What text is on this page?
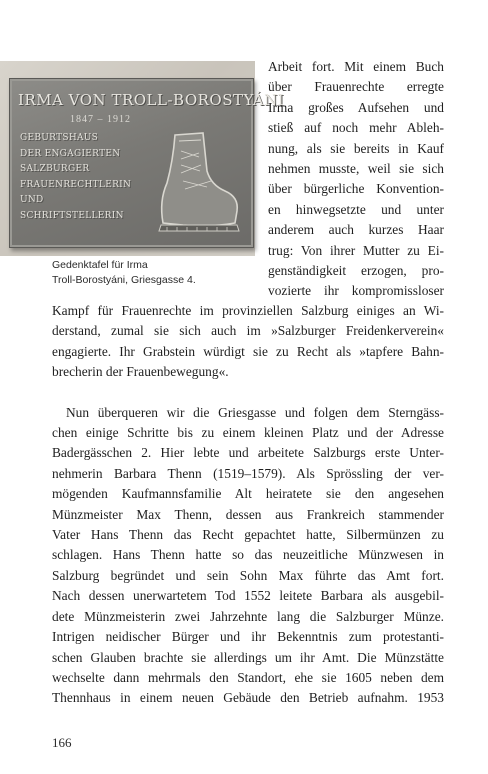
IRMA VON TROLL-BOROSTYÁNI
1847 – 1912
GEBURTSHAUS
DER ENGAGIERTEN
SALZBURGER
FRAUENRECHTLERIN
UND
SCHRIFTSTELLERIN
Gedenktafel für Irma
Troll-Borostyáni, Griesgasse 4.
Arbeit fort. Mit einem Buch
über Frauenrechte erregte
Irma großes Aufsehen und
stieß auf noch mehr Ableh-
nung, als sie bereits in Kauf
nehmen musste, weil sie sich
über bürgerliche Konvention-
en hinwegsetzte und unter
anderem auch kurzes Haar
trug: Von ihrer Mutter zu Ei-
genständigkeit erzogen, pro-
vozierte ihr kompromissloser
Kampf für Frauenrechte im provinziellen Salzburg einiges an Wi-
derstand, zumal sie sich auch im »Salzburger Freidenkerverein«
engagierte. Ihr Grabstein würdigt sie zu Recht als »tapfere Bahn-
brecherin der Frauenbewegung«.
Nun überqueren wir die Griesgasse und folgen dem Sterngäss-
chen einige Schritte bis zu einem kleinen Platz und der Adresse
Badergässchen 2. Hier lebte und arbeitete Salzburgs erste Unter-
nehmerin Barbara Thenn (1519–1579). Als Sprössling der ver-
mögenden Kaufmannsfamilie Alt heiratete sie den angesehen
Münzmeister Max Thenn, dessen aus Frankreich stammender
Vater Hans Thenn das Recht gepachtet hatte, Silbermünzen zu
schlagen. Hans Thenn hatte so das neuzeitliche Münzwesen in
Salzburg begründet und sein Sohn Max führte das Amt fort.
Nach dessen unerwartetem Tod 1552 leitete Barbara als ausgebil-
dete Münzmeisterin zwei Jahrzehnte lang die Salzburger Münze.
Intrigen neidischer Bürger und ihr Bekenntnis zum protestanti-
schen Glauben brachte sie allerdings um ihr Amt. Die Münzstätte
wechselte dann mehrmals den Standort, ehe sie 1605 neben dem
Thennhaus in einem neuen Gebäude den Betrieb aufnahm. 1953
166
